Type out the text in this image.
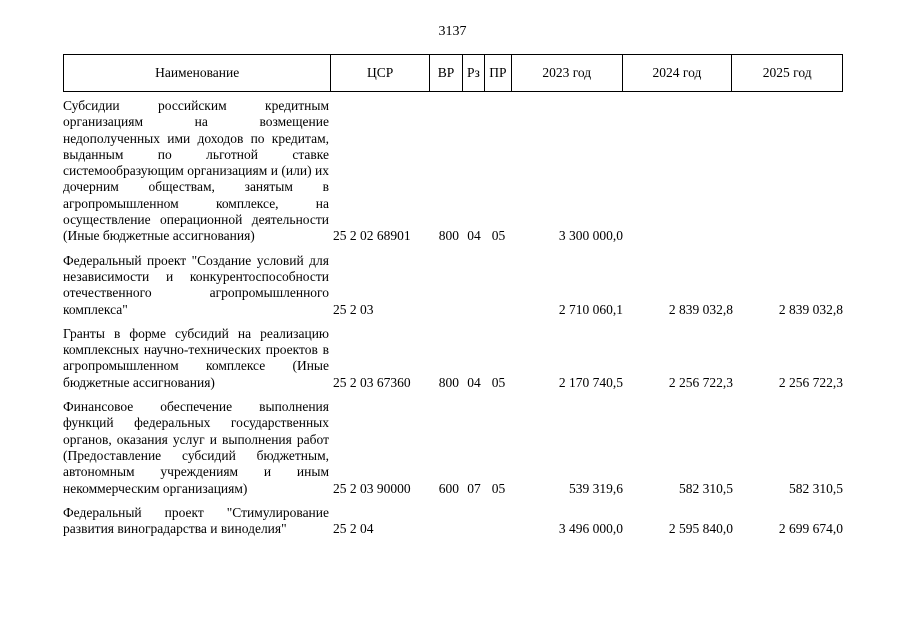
3137
Наименование	ЦСР	ВР Рз ПР	2023 год	2024 год	2025 год
Субсидии российским кредитным организациям на возмещение недополученных ими доходов по кредитам, выданным по льготной ставке системообразующим организациям и (или) их дочерним обществам, занятым в агропромышленном комплексе, на осуществление операционной деятельности (Иные бюджетные ассигнования)	25 2 02 68901	800 04 05	3 300 000,0
Федеральный проект "Создание условий для независимости и конкурентоспособности отечественного агропромышленного комплекса"	25 2 03	2 710 060,1	2 839 032,8	2 839 032,8
Гранты в форме субсидий на реализацию комплексных научно-технических проектов в агропромышленном комплексе (Иные бюджетные ассигнования)	25 2 03 67360	800 04 05	2 170 740,5	2 256 722,3	2 256 722,3
Финансовое обеспечение выполнения функций федеральных государственных органов, оказания услуг и выполнения работ (Предоставление субсидий бюджетным, автономным учреждениям и иным некоммерческим организациям)	25 2 03 90000	600 07 05	539 319,6	582 310,5	582 310,5
Федеральный проект "Стимулирование развития виноградарства и виноделия"	25 2 04	3 496 000,0	2 595 840,0	2 699 674,0
